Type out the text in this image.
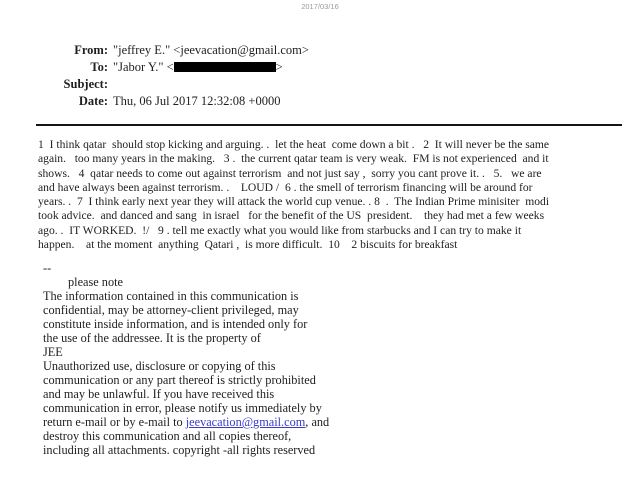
2017/03/16
From: "jeffrey E." <jeevacation@gmail.com>
To: "Jabor Y." <	>
Subject:
Date: Thu, 06 Jul 2017 12:32:08 +0000
1  I think qatar  should stop kicking and arguing. .  let the heat  come down a bit .   2  It will never be the same
again.   too many years in the making.   3 .  the current qatar team is very weak.  FM is not experienced  and it
shows.   4  qatar needs to come out against terrorism  and not just say ,  sorry you cant prove it. .   5.   we are
and have always been against terrorism. .    LOUD /  6 . the smell of terrorism financing will be around for
years. .  7  I think early next year they will attack the world cup venue. . 8  .  The Indian Prime minisiter  modi
took advice.  and danced and sang  in israel   for the benefit of the US  president.    they had met a few weeks
ago. .  IT WORKED.  !/   9 . tell me exactly what you would like from starbucks and I can try to make it
happen.    at the moment  anything  Qatari ,  is more difficult.  10    2 biscuits for breakfast
--
please note
The information contained in this communication is
confidential, may be attorney-client privileged, may
constitute inside information, and is intended only for
the use of the addressee. It is the property of
JEE
Unauthorized use, disclosure or copying of this
communication or any part thereof is strictly prohibited
and may be unlawful. If you have received this
communication in error, please notify us immediately by
return e-mail or by e-mail to jeevacation@gmail.com, and
destroy this communication and all copies thereof,
including all attachments. copyright -all rights reserved
